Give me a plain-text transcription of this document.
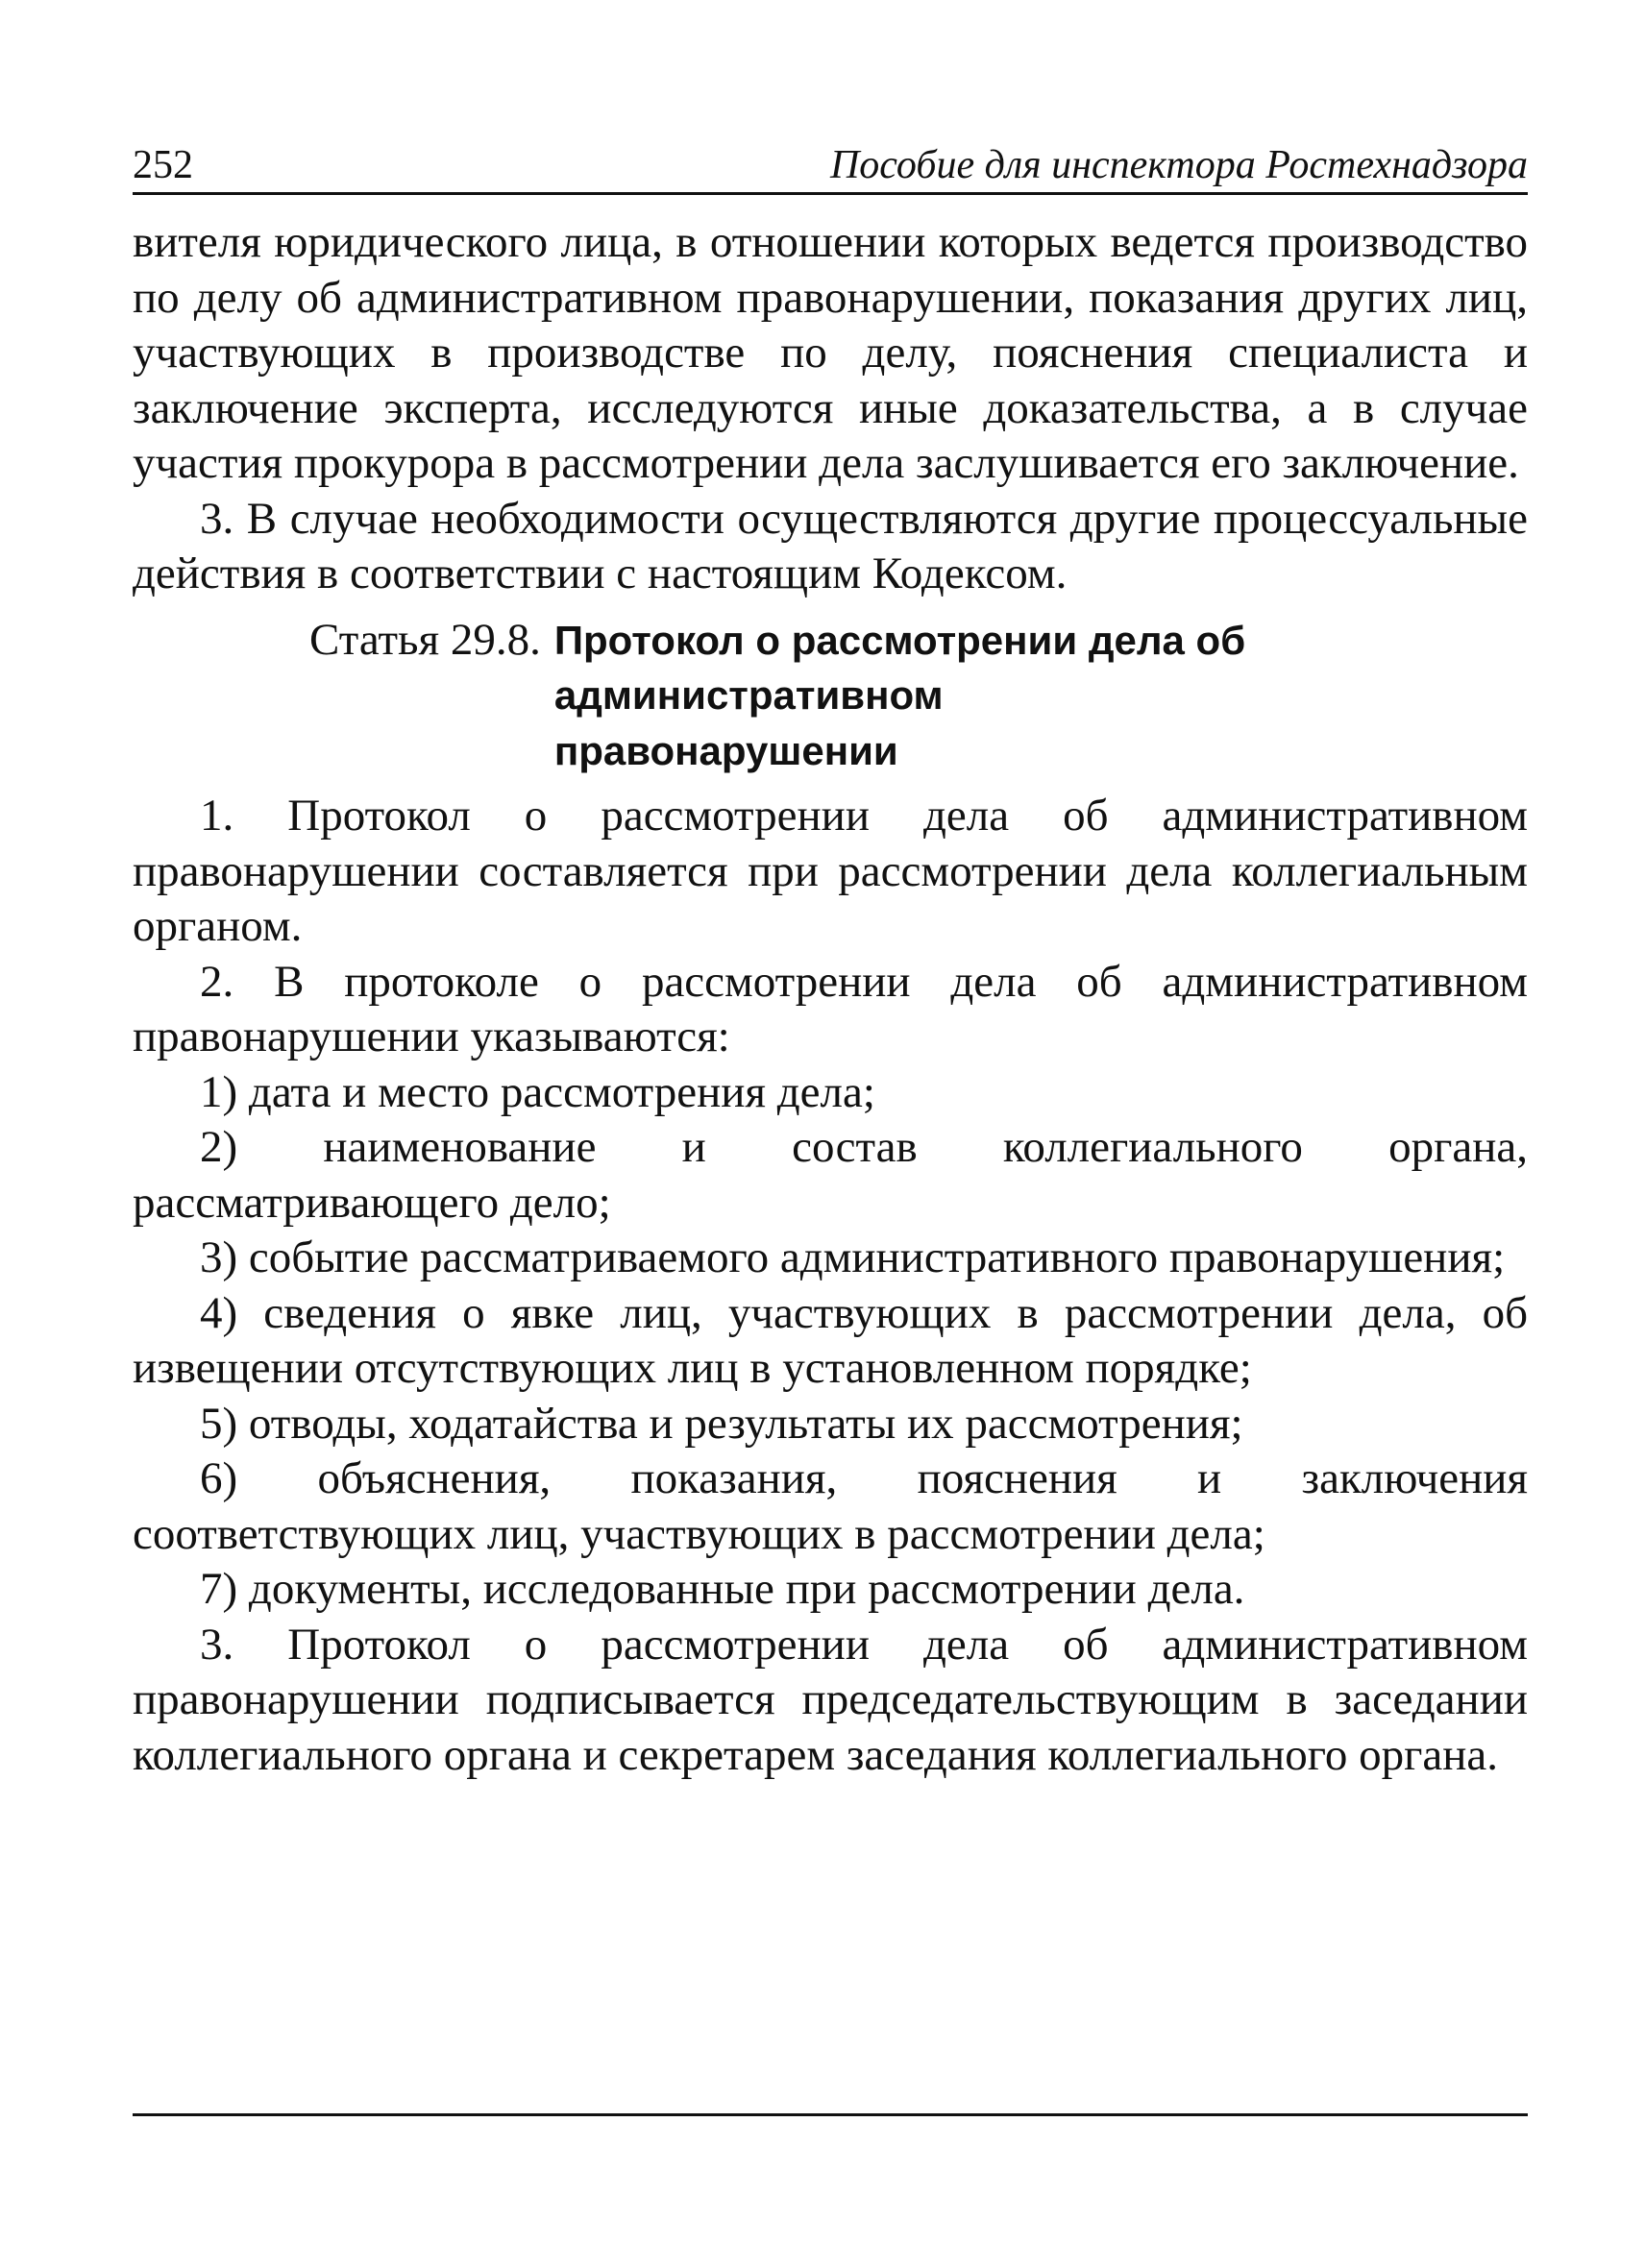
252	Пособие для инспектора Ростехнадзора

вителя юридического лица, в отношении которых ведется производство по делу об административном правонарушении, показания других лиц, участвующих в производстве по делу, пояснения специалиста и заключение эксперта, исследуются иные доказательства, а в случае участия прокурора в рассмотрении дела заслушивается его заключение.

3. В случае необходимости осуществляются другие процессуальные действия в соответствии с настоящим Кодексом.

Статья 29.8. Протокол о рассмотрении дела об административном правонарушении

1. Протокол о рассмотрении дела об административном правонарушении составляется при рассмотрении дела коллегиальным органом.

2. В протоколе о рассмотрении дела об административном правонарушении указываются:

1) дата и место рассмотрения дела;

2) наименование и состав коллегиального органа, рассматривающего дело;

3) событие рассматриваемого административного правонарушения;

4) сведения о явке лиц, участвующих в рассмотрении дела, об извещении отсутствующих лиц в установленном порядке;

5) отводы, ходатайства и результаты их рассмотрения;

6) объяснения, показания, пояснения и заключения соответствующих лиц, участвующих в рассмотрении дела;

7) документы, исследованные при рассмотрении дела.

3. Протокол о рассмотрении дела об административном правонарушении подписывается председательствующим в заседании коллегиального органа и секретарем заседания коллегиального органа.
